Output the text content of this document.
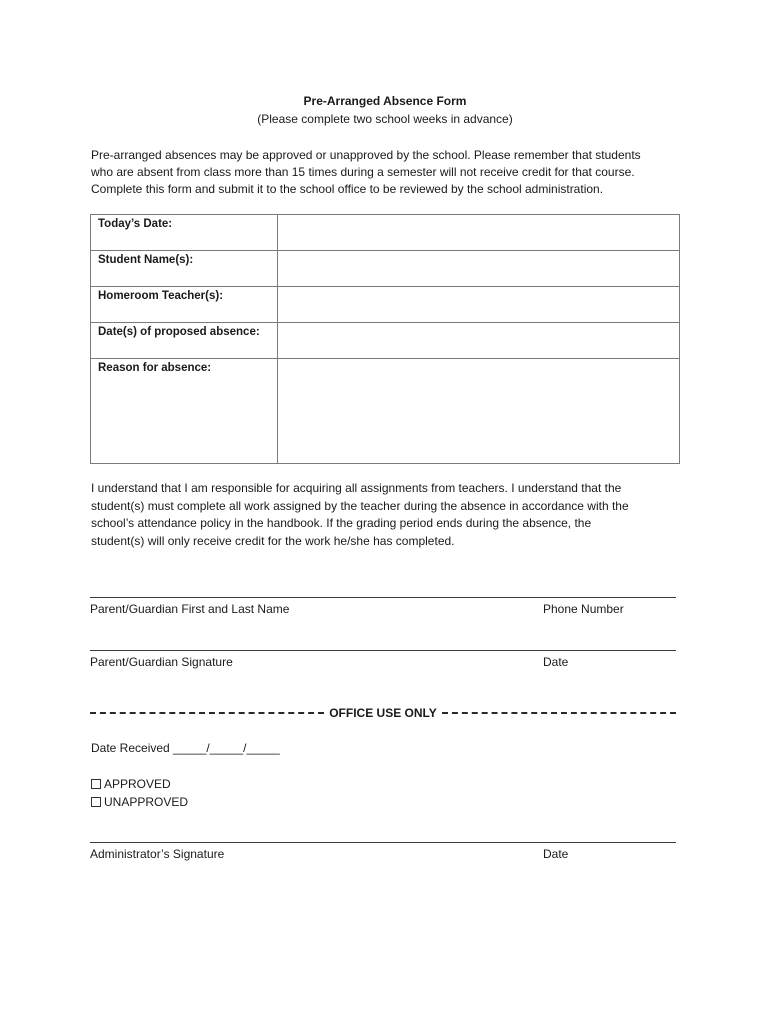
Pre-Arranged Absence Form
(Please complete two school weeks in advance)
Pre-arranged absences may be approved or unapproved by the school. Please remember that students
who are absent from class more than 15 times during a semester will not receive credit for that course.
Complete this form and submit it to the school office to be reviewed by the school administration.
Today’s Date:	
Student Name(s):	
Homeroom Teacher(s):	
Date(s) of proposed absence:	
Reason for absence:	
I understand that I am responsible for acquiring all assignments from teachers. I understand that the
student(s) must complete all work assigned by the teacher during the absence in accordance with the
school’s attendance policy in the handbook. If the grading period ends during the absence, the
student(s) will only receive credit for the work he/she has completed.
Parent/Guardian First and Last Name	Phone Number
Parent/Guardian Signature	Date
OFFICE USE ONLY
Date Received _____/_____/_____
APPROVED
UNAPPROVED
Administrator’s Signature	Date
